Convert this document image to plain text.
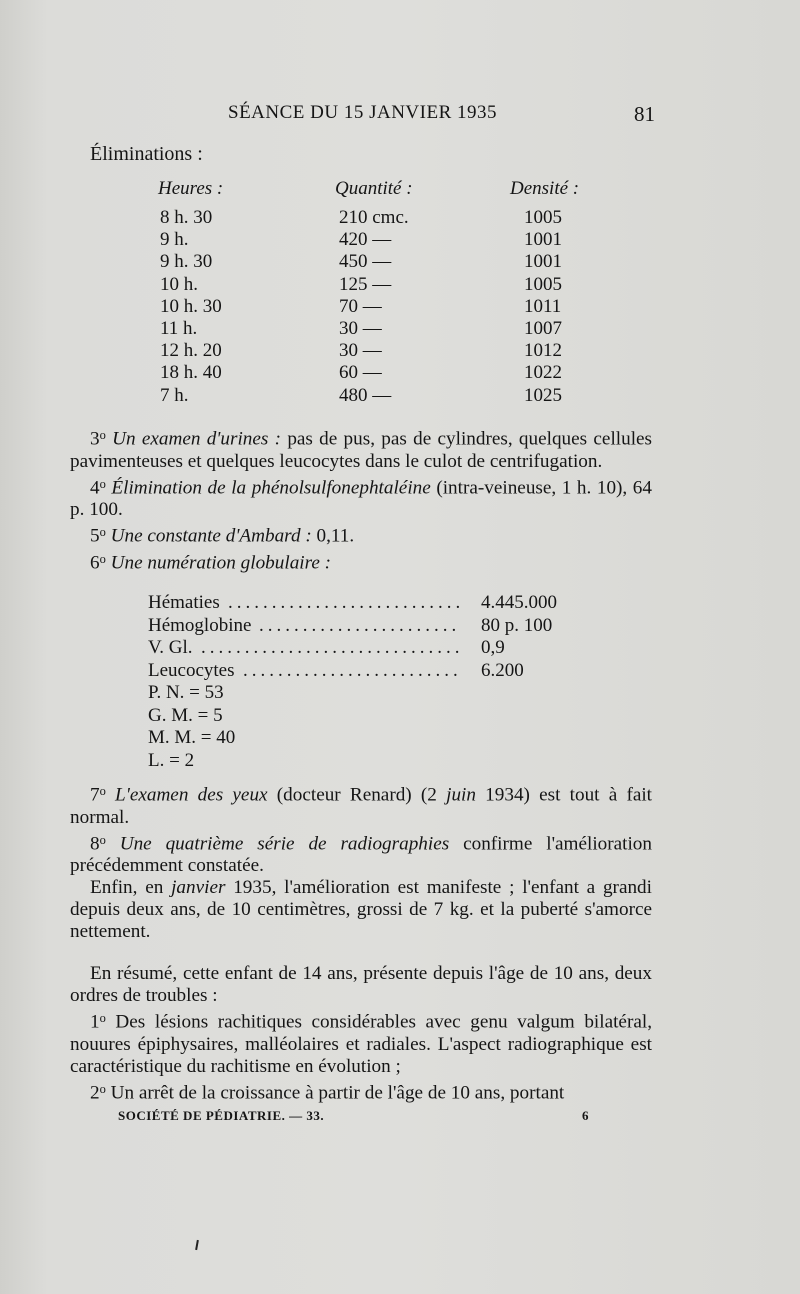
SÉANCE DU 15 JANVIER 1935	81
Éliminations :
Heures :	Quantité :	Densité :
8 h. 30	210 cmc.	1005
9 h.	420 —	1001
9 h. 30	450 —	1001
10 h.	125 —	1005
10 h. 30	70 —	1011
11 h.	30 —	1007
12 h. 20	30 —	1012
18 h. 40	60 —	1022
7 h.	480 —	1025

3$^o$ Un examen d'urines : pas de pus, pas de cylindres, quelques cellules pavimenteuses et quelques leucocytes dans le culot de centrifugation.

4$^o$ Élimination de la phénolsulfonephtaléine (intra-veineuse, 1 h. 10), 64 p. 100.

5$^o$ Une constante d'Ambard : 0,11.

6$^o$ Une numération globulaire :

Hématies ........................... 4.445.000
Hémoglobine ....................... 80 p. 100
V. Gl. .............................. 0,9
Leucocytes ......................... 6.200
P. N. = 53
G. M. = 5
M. M. = 40
L. = 2

7$^o$ L'examen des yeux (docteur Renard) (2 juin 1934) est tout à fait normal.

8$^o$ Une quatrième série de radiographies confirme l'amélioration précédemment constatée.

Enfin, en janvier 1935, l'amélioration est manifeste ; l'enfant a grandi depuis deux ans, de 10 centimètres, grossi de 7 kg. et la puberté s'amorce nettement.

En résumé, cette enfant de 14 ans, présente depuis l'âge de 10 ans, deux ordres de troubles :

1$^o$ Des lésions rachitiques considérables avec genu valgum bilatéral, nouures épiphysaires, malléolaires et radiales. L'aspect radiographique est caractéristique du rachitisme en évolution ;

2$^o$ Un arrêt de la croissance à partir de l'âge de 10 ans, portant

SOCIÉTÉ DE PÉDIATRIE. — 33.	6
